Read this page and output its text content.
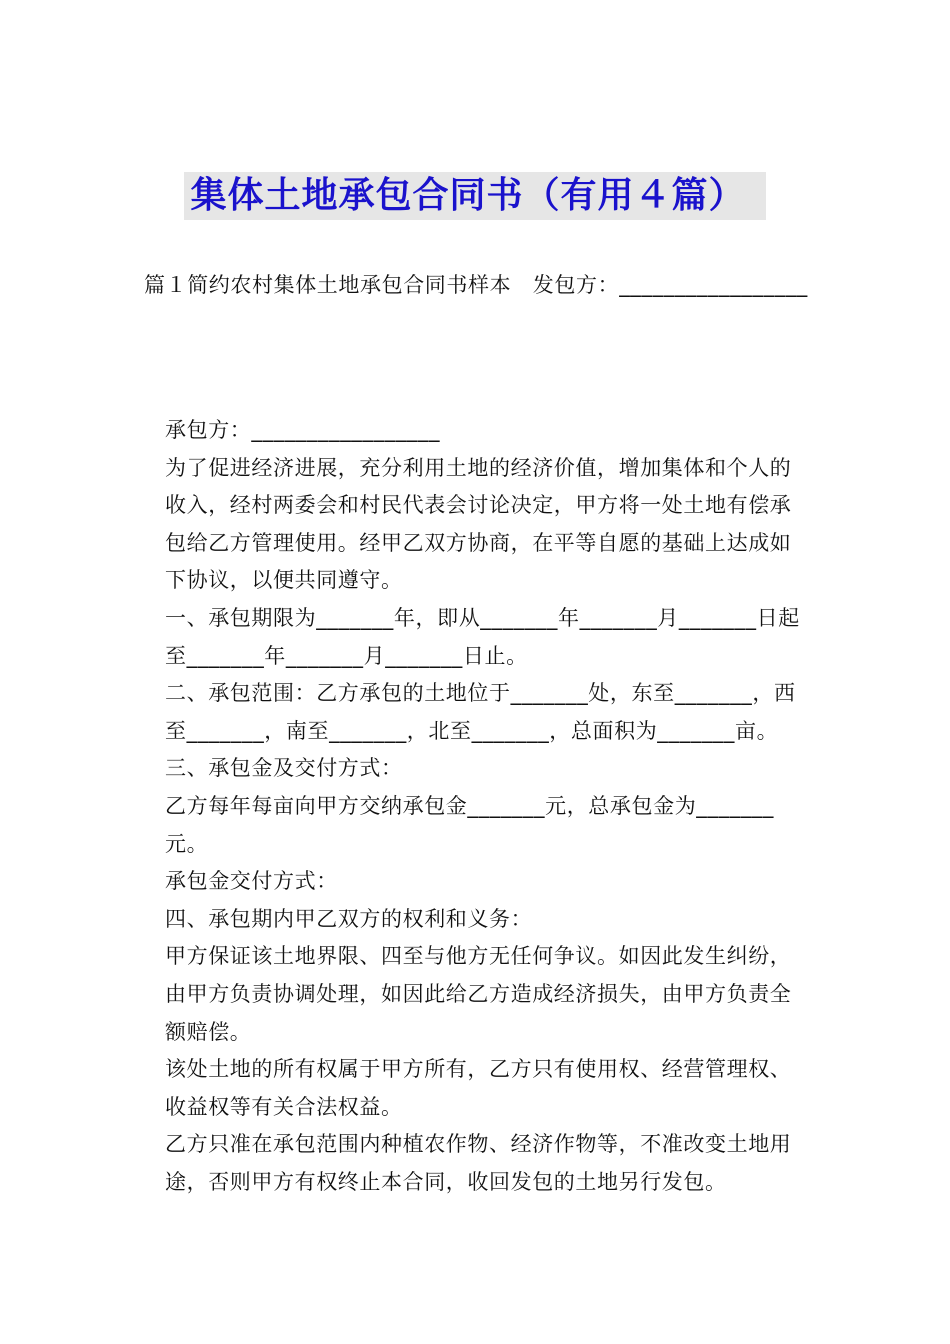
集体土地承包合同书（有用４篇）
篇１简约农村集体土地承包合同书样本　发包方：_________________

承包方：_________________

为了促进经济进展，充分利用土地的经济价值，增加集体和个人的收入，经村两委会和村民代表会讨论决定，甲方将一处土地有偿承包给乙方管理使用。经甲乙双方协商，在平等自愿的基础上达成如下协议，以便共同遵守。

一、承包期限为_______年，即从_______年_______月_______日起至_______年_______月_______日止。

二、承包范围：乙方承包的土地位于_______处，东至_______，西至_______，南至_______，北至_______，总面积为_______亩。

三、承包金及交付方式：

乙方每年每亩向甲方交纳承包金_______元，总承包金为_______元。

承包金交付方式：

四、承包期内甲乙双方的权利和义务：

甲方保证该土地界限、四至与他方无任何争议。如因此发生纠纷，由甲方负责协调处理，如因此给乙方造成经济损失，由甲方负责全额赔偿。

该处土地的所有权属于甲方所有，乙方只有使用权、经营管理权、收益权等有关合法权益。

乙方只准在承包范围内种植农作物、经济作物等，不准改变土地用途，否则甲方有权终止本合同，收回发包的土地另行发包。
